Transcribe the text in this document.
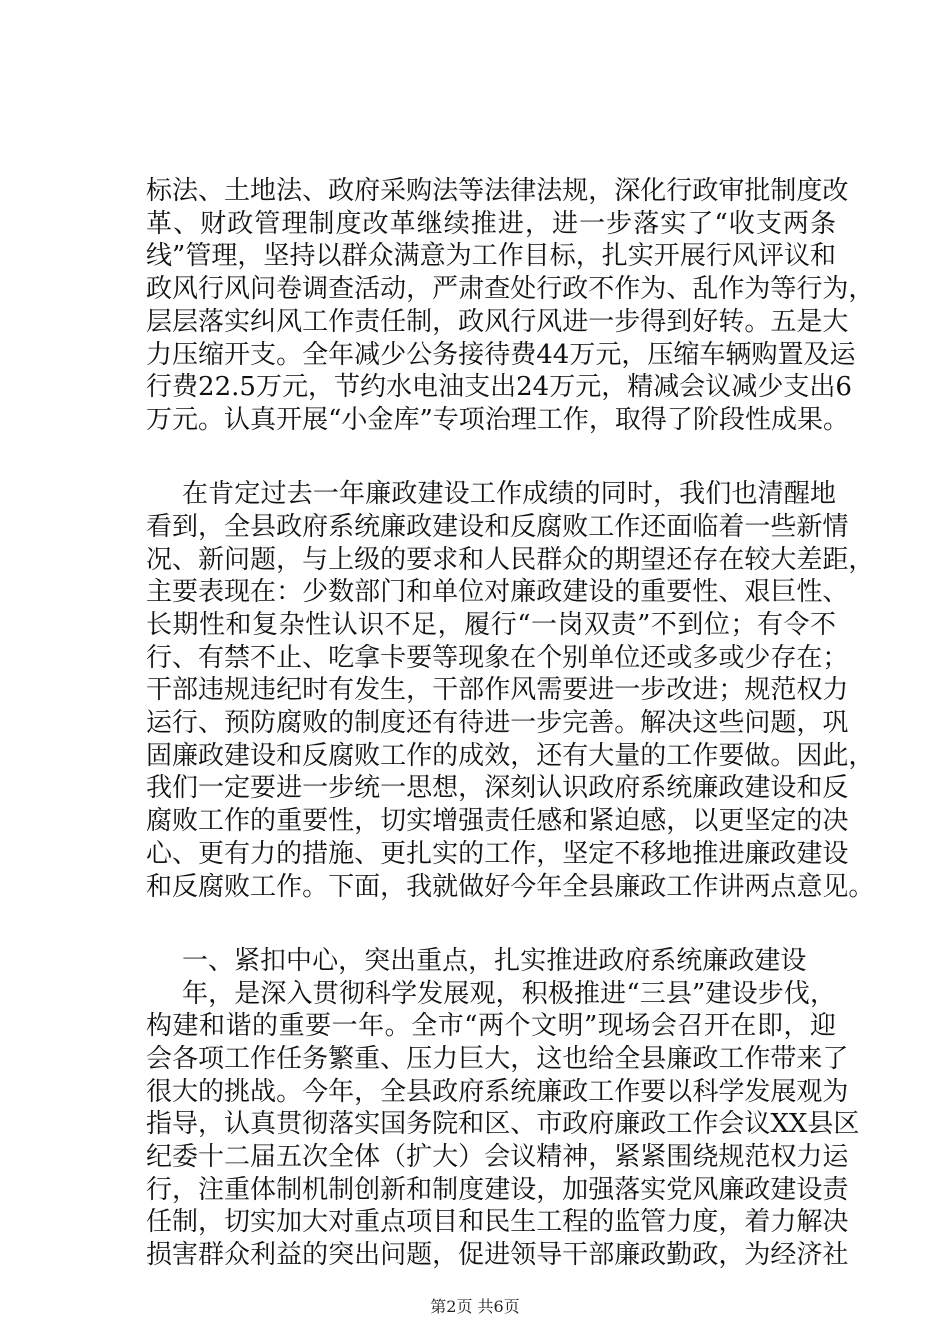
标法、土地法、政府采购法等法律法规，深化行政审批制度改
革、财政管理制度改革继续推进，进一步落实了“收支两条
线”管理，坚持以群众满意为工作目标，扎实开展行风评议和
政风行风问卷调查活动，严肃查处行政不作为、乱作为等行为，
层层落实纠风工作责任制，政风行风进一步得到好转。五是大
力压缩开支。全年减少公务接待费44万元，压缩车辆购置及运
行费22.5万元，节约水电油支出24万元，精减会议减少支出6
万元。认真开展“小金库”专项治理工作，取得了阶段性成果。
在肯定过去一年廉政建设工作成绩的同时，我们也清醒地
看到，全县政府系统廉政建设和反腐败工作还面临着一些新情
况、新问题，与上级的要求和人民群众的期望还存在较大差距，
主要表现在：少数部门和单位对廉政建设的重要性、艰巨性、
长期性和复杂性认识不足，履行“一岗双责”不到位；有令不
行、有禁不止、吃拿卡要等现象在个别单位还或多或少存在；
干部违规违纪时有发生，干部作风需要进一步改进；规范权力
运行、预防腐败的制度还有待进一步完善。解决这些问题，巩
固廉政建设和反腐败工作的成效，还有大量的工作要做。因此，
我们一定要进一步统一思想，深刻认识政府系统廉政建设和反
腐败工作的重要性，切实增强责任感和紧迫感，以更坚定的决
心、更有力的措施、更扎实的工作，坚定不移地推进廉政建设
和反腐败工作。下面，我就做好今年全县廉政工作讲两点意见。
一、紧扣中心，突出重点，扎实推进政府系统廉政建设
年，是深入贯彻科学发展观，积极推进“三县”建设步伐，
构建和谐的重要一年。全市“两个文明”现场会召开在即，迎
会各项工作任务繁重、压力巨大，这也给全县廉政工作带来了
很大的挑战。今年，全县政府系统廉政工作要以科学发展观为
第2页 共6页
指导，认真贯彻落实国务院和区、市政府廉政工作会议XX县区
纪委十二届五次全体（扩大）会议精神，紧紧围绕规范权力运
行，注重体制机制创新和制度建设，加强落实党风廉政建设责
任制，切实加大对重点项目和民生工程的监管力度，着力解决
损害群众利益的突出问题，促进领导干部廉政勤政，为经济社
